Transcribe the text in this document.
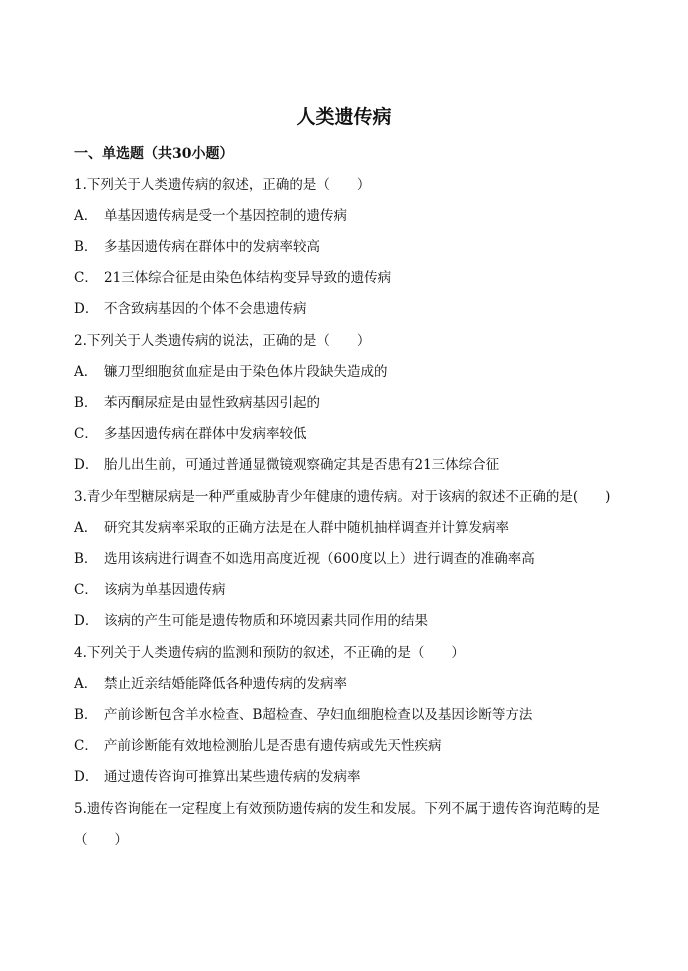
人类遗传病
一、单选题（共30小题）
1.下列关于人类遗传病的叙述，正确的是（　　）
A． 单基因遗传病是受一个基因控制的遗传病
B． 多基因遗传病在群体中的发病率较高
C． 21三体综合征是由染色体结构变异导致的遗传病
D． 不含致病基因的个体不会患遗传病
2.下列关于人类遗传病的说法，正确的是（　　）
A． 镰刀型细胞贫血症是由于染色体片段缺失造成的
B． 苯丙酮尿症是由显性致病基因引起的
C． 多基因遗传病在群体中发病率较低
D． 胎儿出生前，可通过普通显微镜观察确定其是否患有21三体综合征
3.青少年型糖尿病是一种严重威胁青少年健康的遗传病。对于该病的叙述不正确的是(　　)
A． 研究其发病率采取的正确方法是在人群中随机抽样调查并计算发病率
B． 选用该病进行调查不如选用高度近视（600度以上）进行调查的准确率高
C． 该病为单基因遗传病
D． 该病的产生可能是遗传物质和环境因素共同作用的结果
4.下列关于人类遗传病的监测和预防的叙述，不正确的是（　　）
A． 禁止近亲结婚能降低各种遗传病的发病率
B． 产前诊断包含羊水检查、B超检查、孕妇血细胞检查以及基因诊断等方法
C． 产前诊断能有效地检测胎儿是否患有遗传病或先天性疾病
D． 通过遗传咨询可推算出某些遗传病的发病率
5.遗传咨询能在一定程度上有效预防遗传病的发生和发展。下列不属于遗传咨询范畴的是
（　　）
